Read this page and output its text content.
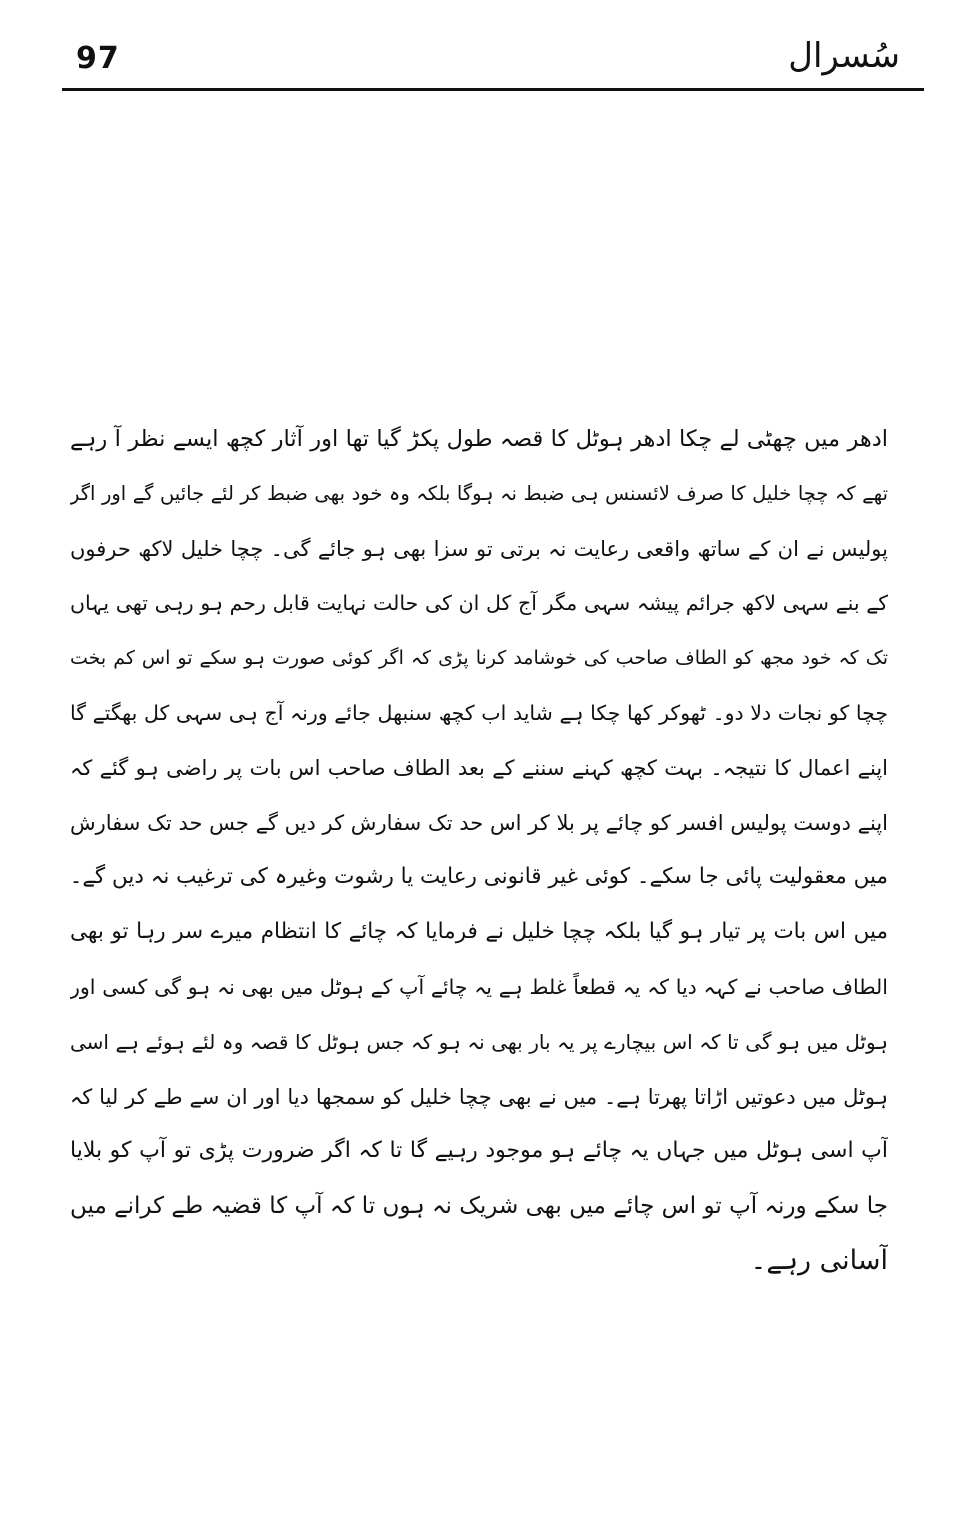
97	سُسرال
ادھر میں چھٹی لے چکا ادھر ہوٹل کا قصہ طول پکڑ گیا تھا اور آثار کچھ ایسے نظر آ رہے
تھے کہ چچا خلیل کا صرف لائسنس ہی ضبط نہ ہوگا بلکہ وہ خود بھی ضبط کر لئے جائیں گے اور اگر
پولیس نے ان کے ساتھ واقعی رعایت نہ برتی تو سزا بھی ہو جائے گی۔ چچا خلیل لاکھ حرفوں
کے بنے سہی لاکھ جرائم پیشہ سہی مگر آج کل ان کی حالت نہایت قابل رحم ہو رہی تھی یہاں
تک کہ خود مجھ کو الطاف صاحب کی خوشامد کرنا پڑی کہ اگر کوئی صورت ہو سکے تو اس کم بخت
چچا کو نجات دلا دو۔ ٹھوکر کھا چکا ہے شاید اب کچھ سنبھل جائے ورنہ آج ہی سہی کل بھگتے گا
اپنے اعمال کا نتیجہ۔ بہت کچھ کہنے سننے کے بعد الطاف صاحب اس بات پر راضی ہو گئے کہ
اپنے دوست پولیس افسر کو چائے پر بلا کر اس حد تک سفارش کر دیں گے جس حد تک سفارش
میں معقولیت پائی جا سکے۔ کوئی غیر قانونی رعایت یا رشوت وغیرہ کی ترغیب نہ دیں گے۔
میں اس بات پر تیار ہو گیا بلکہ چچا خلیل نے فرمایا کہ چائے کا انتظام میرے سر رہا تو بھی
الطاف صاحب نے کہہ دیا کہ یہ قطعاً غلط ہے یہ چائے آپ کے ہوٹل میں بھی نہ ہو گی کسی اور
ہوٹل میں ہو گی تا کہ اس بیچارے پر یہ بار بھی نہ ہو کہ جس ہوٹل کا قصہ وہ لئے ہوئے ہے اسی
ہوٹل میں دعوتیں اڑاتا پھرتا ہے۔ میں نے بھی چچا خلیل کو سمجھا دیا اور ان سے طے کر لیا کہ
آپ اسی ہوٹل میں جہاں یہ چائے ہو موجود رہیے گا تا کہ اگر ضرورت پڑی تو آپ کو بلایا
جا سکے ورنہ آپ تو اس چائے میں بھی شریک نہ ہوں تا کہ آپ کا قضیہ طے کرانے میں
آسانی رہے۔
